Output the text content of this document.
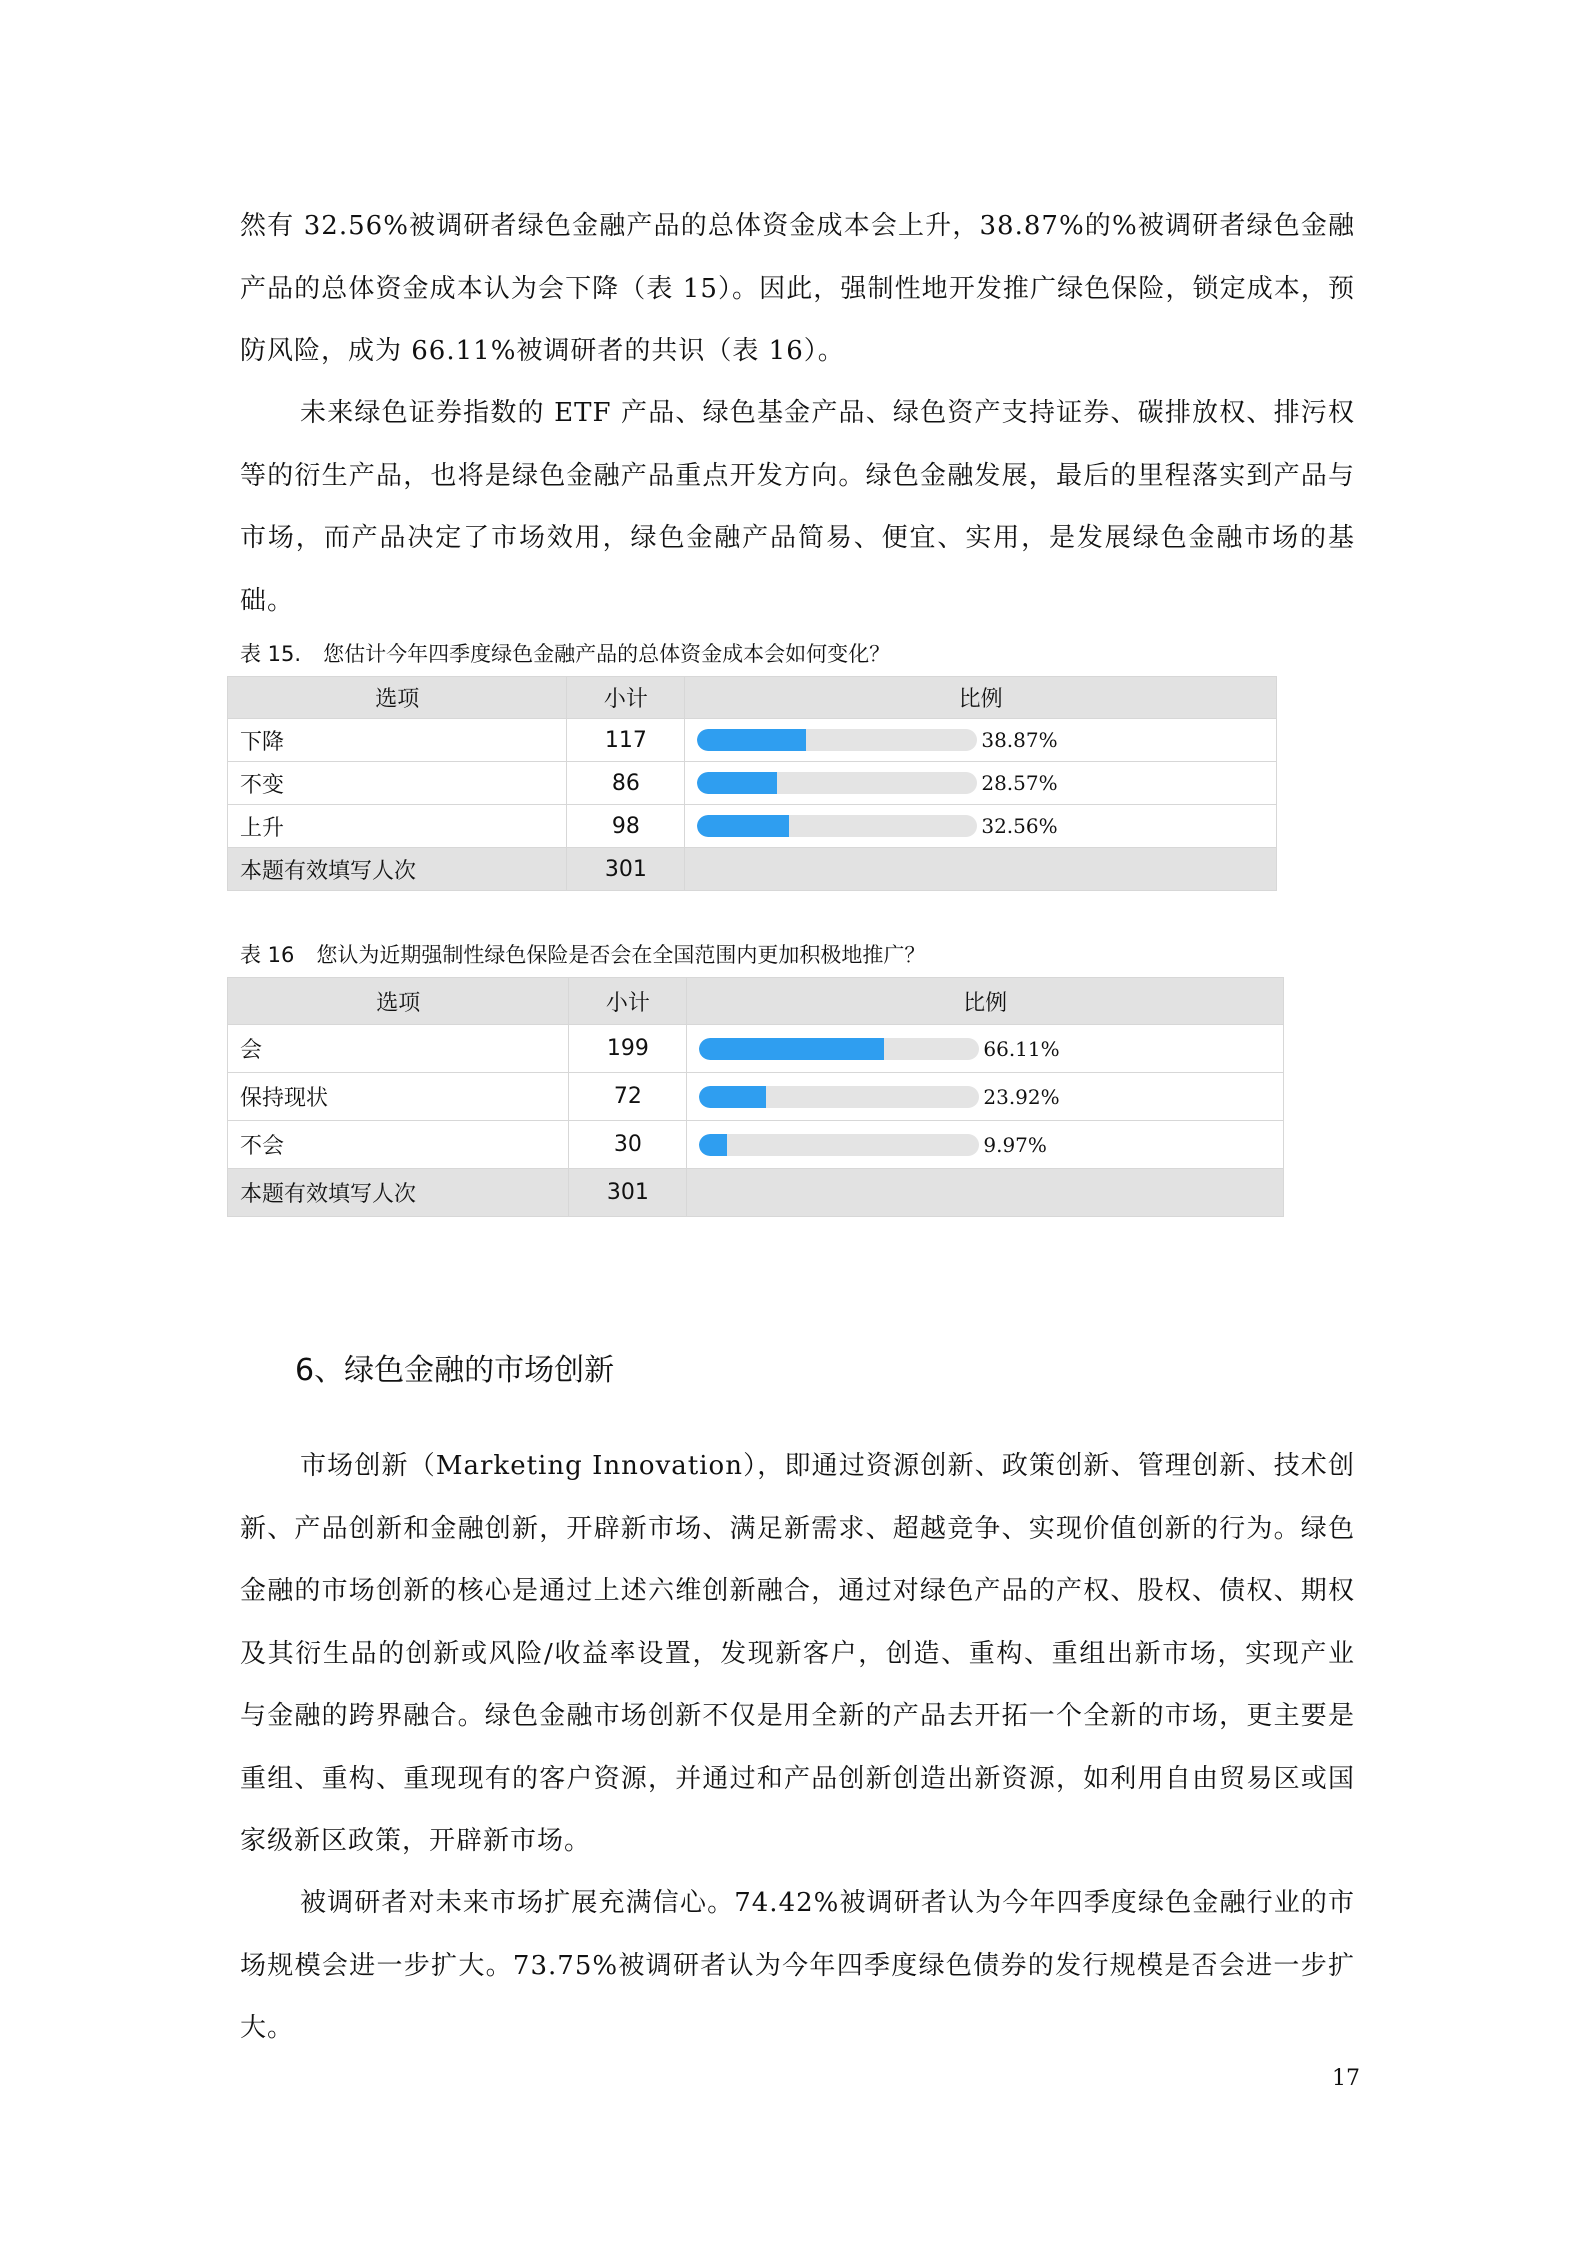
然有 32.56%被调研者绿色金融产品的总体资金成本会上升，38.87%的%被调研者绿色金融产品的总体资金成本认为会下降（表 15）。因此，强制性地开发推广绿色保险，锁定成本，预防风险，成为 66.11%被调研者的共识（表 16）。

未来绿色证券指数的 ETF 产品、绿色基金产品、绿色资产支持证券、碳排放权、排污权等的衍生产品，也将是绿色金融产品重点开发方向。绿色金融发展，最后的里程落实到产品与市场，而产品决定了市场效用，绿色金融产品简易、便宜、实用，是发展绿色金融市场的基础。

表 15. 您估计今年四季度绿色金融产品的总体资金成本会如何变化？

选项	小计	比例
下降	117	38.87%

不变	86	28.57%

上升	98	32.56%

本题有效填写人次	301	

表 16 您认为近期强制性绿色保险是否会在全国范围内更加积极地推广？

选项	小计	比例
会	199	66.11%

保持现状	72	23.92%

不会	30	9.97%

本题有效填写人次	301	
6、绿色金融的市场创新

市场创新（Marketing Innovation），即通过资源创新、政策创新、管理创新、技术创新、产品创新和金融创新，开辟新市场、满足新需求、超越竞争、实现价值创新的行为。绿色金融的市场创新的核心是通过上述六维创新融合，通过对绿色产品的产权、股权、债权、期权及其衍生品的创新或风险/收益率设置，发现新客户，创造、重构、重组出新市场，实现产业与金融的跨界融合。绿色金融市场创新不仅是用全新的产品去开拓一个全新的市场，更主要是重组、重构、重现现有的客户资源，并通过和产品创新创造出新资源，如利用自由贸易区或国家级新区政策，开辟新市场。

被调研者对未来市场扩展充满信心。74.42%被调研者认为今年四季度绿色金融行业的市场规模会进一步扩大。73.75%被调研者认为今年四季度绿色债券的发行规模是否会进一步扩大。

17
